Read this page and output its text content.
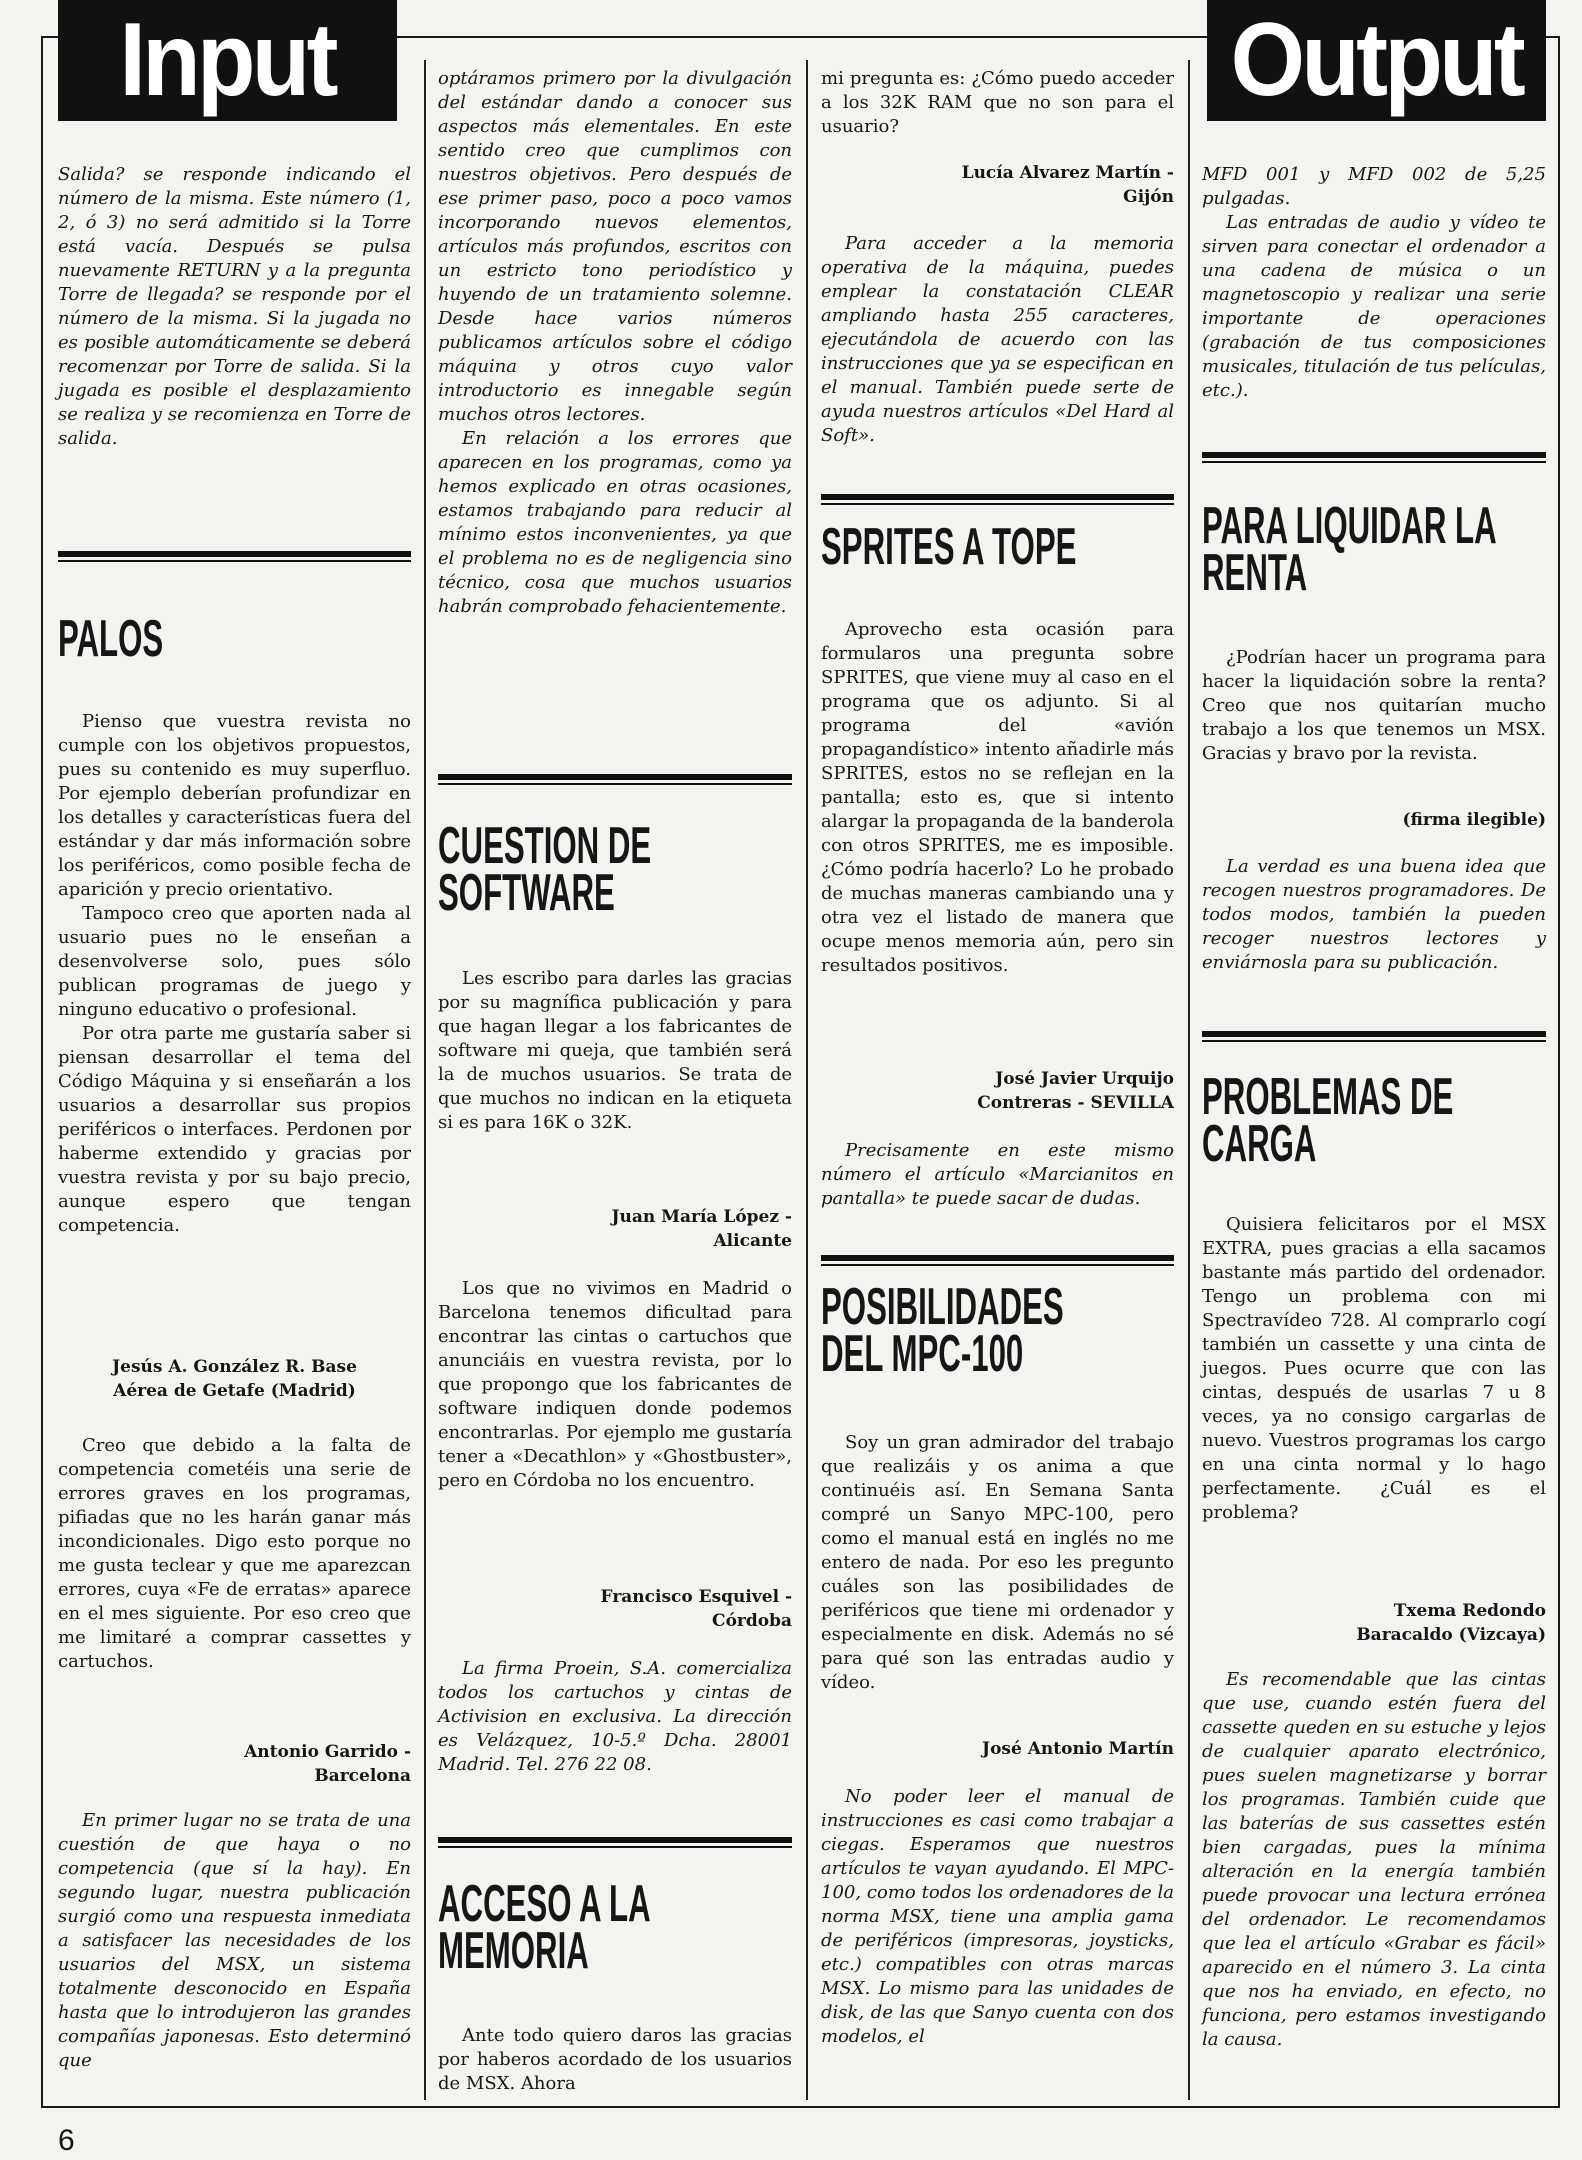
Input	Output

Salida? se responde indicando el número de la misma. Este número (1, 2, ó 3) no será admitido si la Torre está vacía. Después se pulsa nuevamente RETURN y a la pregunta Torre de llegada? se responde por el número de la misma. Si la jugada no es posible automáticamente se deberá recomenzar por Torre de salida. Si la jugada es posible el desplazamiento se realiza y se recomienza en Torre de salida.

PALOS

Pienso que vuestra revista no cumple con los objetivos propuestos, pues su contenido es muy superfluo. Por ejemplo deberían profundizar en los detalles y características fuera del estándar y dar más información sobre los periféricos, como posible fecha de aparición y precio orientativo.

Tampoco creo que aporten nada al usuario pues no le enseñan a desenvolverse solo, pues sólo publican programas de juego y ninguno educativo o profesional.

Por otra parte me gustaría saber si piensan desarrollar el tema del Código Máquina y si enseñarán a los usuarios a desarrollar sus propios periféricos o interfaces. Perdonen por haberme extendido y gracias por vuestra revista y por su bajo precio, aunque espero que tengan competencia.

Jesús A. González R. Base
Aérea de Getafe (Madrid)

Creo que debido a la falta de competencia cometéis una serie de errores graves en los programas, pifiadas que no les harán ganar más incondicionales. Digo esto porque no me gusta teclear y que me aparezcan errores, cuya «Fe de erratas» aparece en el mes siguiente. Por eso creo que me limitaré a comprar cassettes y cartuchos.

Antonio Garrido -
Barcelona

En primer lugar no se trata de una cuestión de que haya o no competencia (que sí la hay). En segundo lugar, nuestra publicación surgió como una respuesta inmediata a satisfacer las necesidades de los usuarios del MSX, un sistema totalmente desconocido en España hasta que lo introdujeron las grandes compañías japonesas. Esto determinó que

optáramos primero por la divulgación del estándar dando a conocer sus aspectos más elementales. En este sentido creo que cumplimos con nuestros objetivos. Pero después de ese primer paso, poco a poco vamos incorporando nuevos elementos, artículos más profundos, escritos con un estricto tono periodístico y huyendo de un tratamiento solemne. Desde hace varios números publicamos artículos sobre el código máquina y otros cuyo valor introductorio es innegable según muchos otros lectores.

En relación a los errores que aparecen en los programas, como ya hemos explicado en otras ocasiones, estamos trabajando para reducir al mínimo estos inconvenientes, ya que el problema no es de negligencia sino técnico, cosa que muchos usuarios habrán comprobado fehacientemente.

CUESTION DE
SOFTWARE

Les escribo para darles las gracias por su magnífica publicación y para que hagan llegar a los fabricantes de software mi queja, que también será la de muchos usuarios. Se trata de que muchos no indican en la etiqueta si es para 16K o 32K.

Juan María López -
Alicante

Los que no vivimos en Madrid o Barcelona tenemos dificultad para encontrar las cintas o cartuchos que anunciáis en vuestra revista, por lo que propongo que los fabricantes de software indiquen donde podemos encontrarlas. Por ejemplo me gustaría tener a «Decathlon» y «Ghostbuster», pero en Córdoba no los encuentro.

Francisco Esquivel -
Córdoba

La firma Proein, S.A. comercializa todos los cartuchos y cintas de Activision en exclusiva. La dirección es Velázquez, 10-5.º Dcha. 28001 Madrid. Tel. 276 22 08.

ACCESO A LA
MEMORIA

Ante todo quiero daros las gracias por haberos acordado de los usuarios de MSX. Ahora

mi pregunta es: ¿Cómo puedo acceder a los 32K RAM que no son para el usuario?

Lucía Alvarez Martín -
Gijón

Para acceder a la memoria operativa de la máquina, puedes emplear la constatación CLEAR ampliando hasta 255 caracteres, ejecutándola de acuerdo con las instrucciones que ya se especifican en el manual. También puede serte de ayuda nuestros artículos «Del Hard al Soft».

SPRITES A TOPE

Aprovecho esta ocasión para formularos una pregunta sobre SPRITES, que viene muy al caso en el programa que os adjunto. Si al programa del «avión propagandístico» intento añadirle más SPRITES, estos no se reflejan en la pantalla; esto es, que si intento alargar la propaganda de la banderola con otros SPRITES, me es imposible. ¿Cómo podría hacerlo? Lo he probado de muchas maneras cambiando una y otra vez el listado de manera que ocupe menos memoria aún, pero sin resultados positivos.

José Javier Urquijo
Contreras - SEVILLA

Precisamente en este mismo número el artículo «Marcianitos en pantalla» te puede sacar de dudas.

POSIBILIDADES
DEL MPC-100

Soy un gran admirador del trabajo que realizáis y os anima a que continuéis así. En Semana Santa compré un Sanyo MPC-100, pero como el manual está en inglés no me entero de nada. Por eso les pregunto cuáles son las posibilidades de periféricos que tiene mi ordenador y especialmente en disk. Además no sé para qué son las entradas audio y vídeo.

José Antonio Martín

No poder leer el manual de instrucciones es casi como trabajar a ciegas. Esperamos que nuestros artículos te vayan ayudando. El MPC-100, como todos los ordenadores de la norma MSX, tiene una amplia gama de periféricos (impresoras, joysticks, etc.) compatibles con otras marcas MSX. Lo mismo para las unidades de disk, de las que Sanyo cuenta con dos modelos, el

MFD 001 y MFD 002 de 5,25 pulgadas.

Las entradas de audio y vídeo te sirven para conectar el ordenador a una cadena de música o un magnetoscopio y realizar una serie importante de operaciones (grabación de tus composiciones musicales, titulación de tus películas, etc.).

PARA LIQUIDAR LA
RENTA

¿Podrían hacer un programa para hacer la liquidación sobre la renta? Creo que nos quitarían mucho trabajo a los que tenemos un MSX. Gracias y bravo por la revista.

(firma ilegible)

La verdad es una buena idea que recogen nuestros programadores. De todos modos, también la pueden recoger nuestros lectores y enviárnosla para su publicación.

PROBLEMAS DE
CARGA

Quisiera felicitaros por el MSX EXTRA, pues gracias a ella sacamos bastante más partido del ordenador. Tengo un problema con mi Spectravídeo 728. Al comprarlo cogí también un cassette y una cinta de juegos. Pues ocurre que con las cintas, después de usarlas 7 u 8 veces, ya no consigo cargarlas de nuevo. Vuestros programas los cargo en una cinta normal y lo hago perfectamente. ¿Cuál es el problema?

Txema Redondo
Baracaldo (Vizcaya)

Es recomendable que las cintas que use, cuando estén fuera del cassette queden en su estuche y lejos de cualquier aparato electrónico, pues suelen magnetizarse y borrar los programas. También cuide que las baterías de sus cassettes estén bien cargadas, pues la mínima alteración en la energía también puede provocar una lectura errónea del ordenador. Le recomendamos que lea el artículo «Grabar es fácil» aparecido en el número 3. La cinta que nos ha enviado, en efecto, no funciona, pero estamos investigando la causa.

6
